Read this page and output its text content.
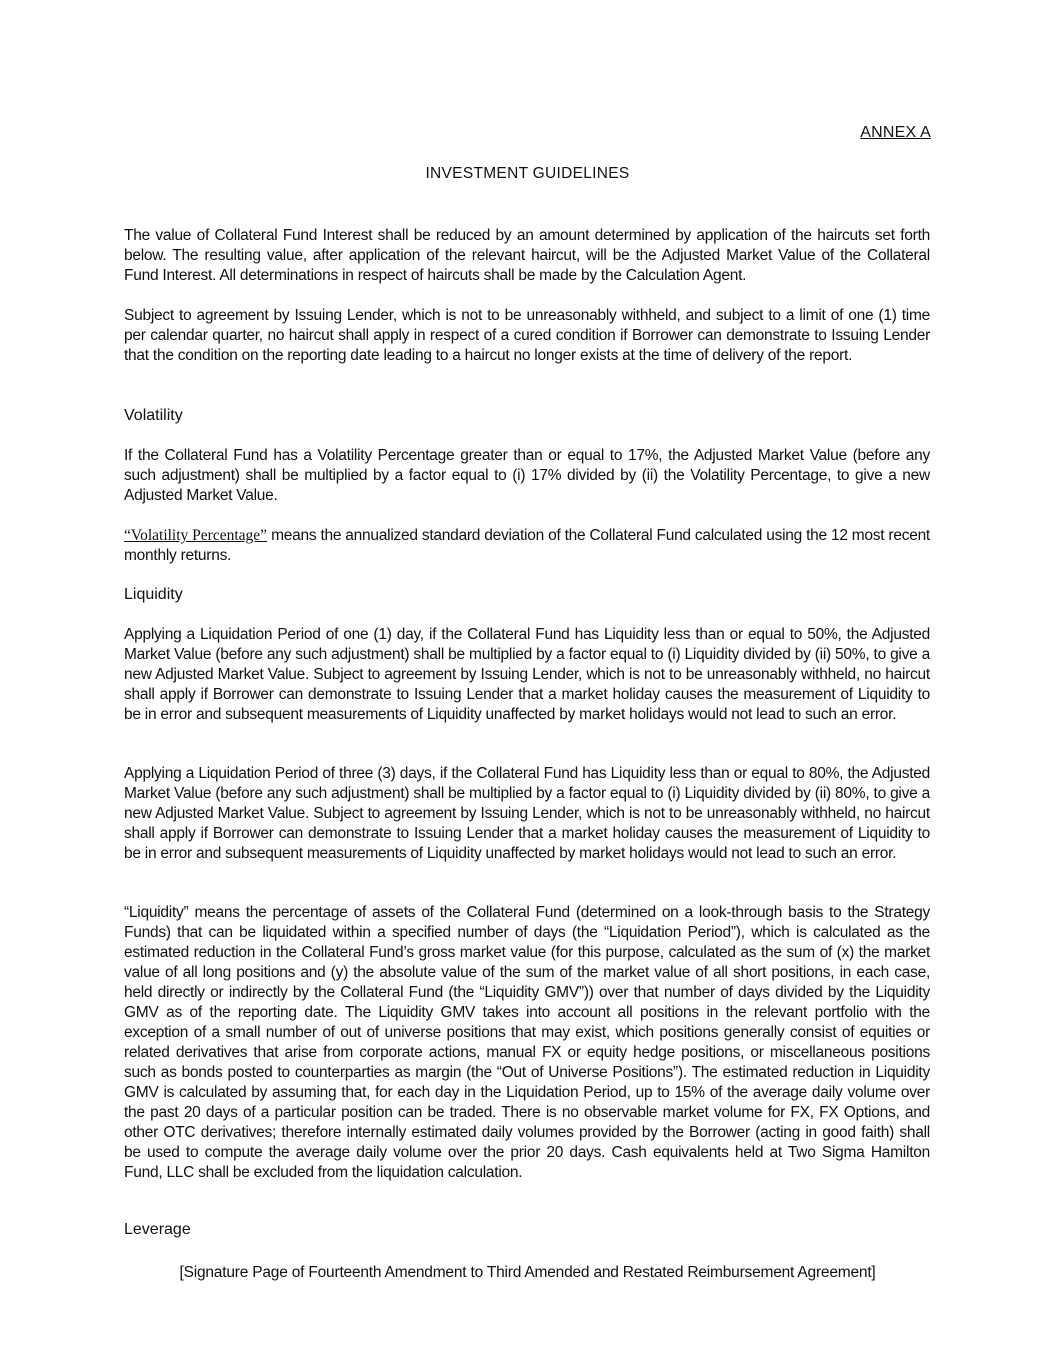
ANNEX A
INVESTMENT GUIDELINES

The value of Collateral Fund Interest shall be reduced by an amount determined by application of the haircuts set forth below. The resulting value, after application of the relevant haircut, will be the Adjusted Market Value of the Collateral Fund Interest. All determinations in respect of haircuts shall be made by the Calculation Agent.

Subject to agreement by Issuing Lender, which is not to be unreasonably withheld, and subject to a limit of one (1) time per calendar quarter, no haircut shall apply in respect of a cured condition if Borrower can demonstrate to Issuing Lender that the condition on the reporting date leading to a haircut no longer exists at the time of delivery of the report.

Volatility

If the Collateral Fund has a Volatility Percentage greater than or equal to 17%, the Adjusted Market Value (before any such adjustment) shall be multiplied by a factor equal to (i) 17% divided by (ii) the Volatility Percentage, to give a new Adjusted Market Value.

“Volatility Percentage” means the annualized standard deviation of the Collateral Fund calculated using the 12 most recent monthly returns.

Liquidity

Applying a Liquidation Period of one (1) day, if the Collateral Fund has Liquidity less than or equal to 50%, the Adjusted Market Value (before any such adjustment) shall be multiplied by a factor equal to (i) Liquidity divided by (ii) 50%, to give a new Adjusted Market Value. Subject to agreement by Issuing Lender, which is not to be unreasonably withheld, no haircut shall apply if Borrower can demonstrate to Issuing Lender that a market holiday causes the measurement of Liquidity to be in error and subsequent measurements of Liquidity unaffected by market holidays would not lead to such an error.

Applying a Liquidation Period of three (3) days, if the Collateral Fund has Liquidity less than or equal to 80%, the Adjusted Market Value (before any such adjustment) shall be multiplied by a factor equal to (i) Liquidity divided by (ii) 80%, to give a new Adjusted Market Value. Subject to agreement by Issuing Lender, which is not to be unreasonably withheld, no haircut shall apply if Borrower can demonstrate to Issuing Lender that a market holiday causes the measurement of Liquidity to be in error and subsequent measurements of Liquidity unaffected by market holidays would not lead to such an error.

“Liquidity” means the percentage of assets of the Collateral Fund (determined on a look-through basis to the Strategy Funds) that can be liquidated within a specified number of days (the “Liquidation Period”), which is calculated as the estimated reduction in the Collateral Fund’s gross market value (for this purpose, calculated as the sum of (x) the market value of all long positions and (y) the absolute value of the sum of the market value of all short positions, in each case, held directly or indirectly by the Collateral Fund (the “Liquidity GMV”)) over that number of days divided by the Liquidity GMV as of the reporting date. The Liquidity GMV takes into account all positions in the relevant portfolio with the exception of a small number of out of universe positions that may exist, which positions generally consist of equities or related derivatives that arise from corporate actions, manual FX or equity hedge positions, or miscellaneous positions such as bonds posted to counterparties as margin (the “Out of Universe Positions”). The estimated reduction in Liquidity GMV is calculated by assuming that, for each day in the Liquidation Period, up to 15% of the average daily volume over the past 20 days of a particular position can be traded. There is no observable market volume for FX, FX Options, and other OTC derivatives; therefore internally estimated daily volumes provided by the Borrower (acting in good faith) shall be used to compute the average daily volume over the prior 20 days. Cash equivalents held at Two Sigma Hamilton Fund, LLC shall be excluded from the liquidation calculation.

Leverage
[Signature Page of Fourteenth Amendment to Third Amended and Restated Reimbursement Agreement]
